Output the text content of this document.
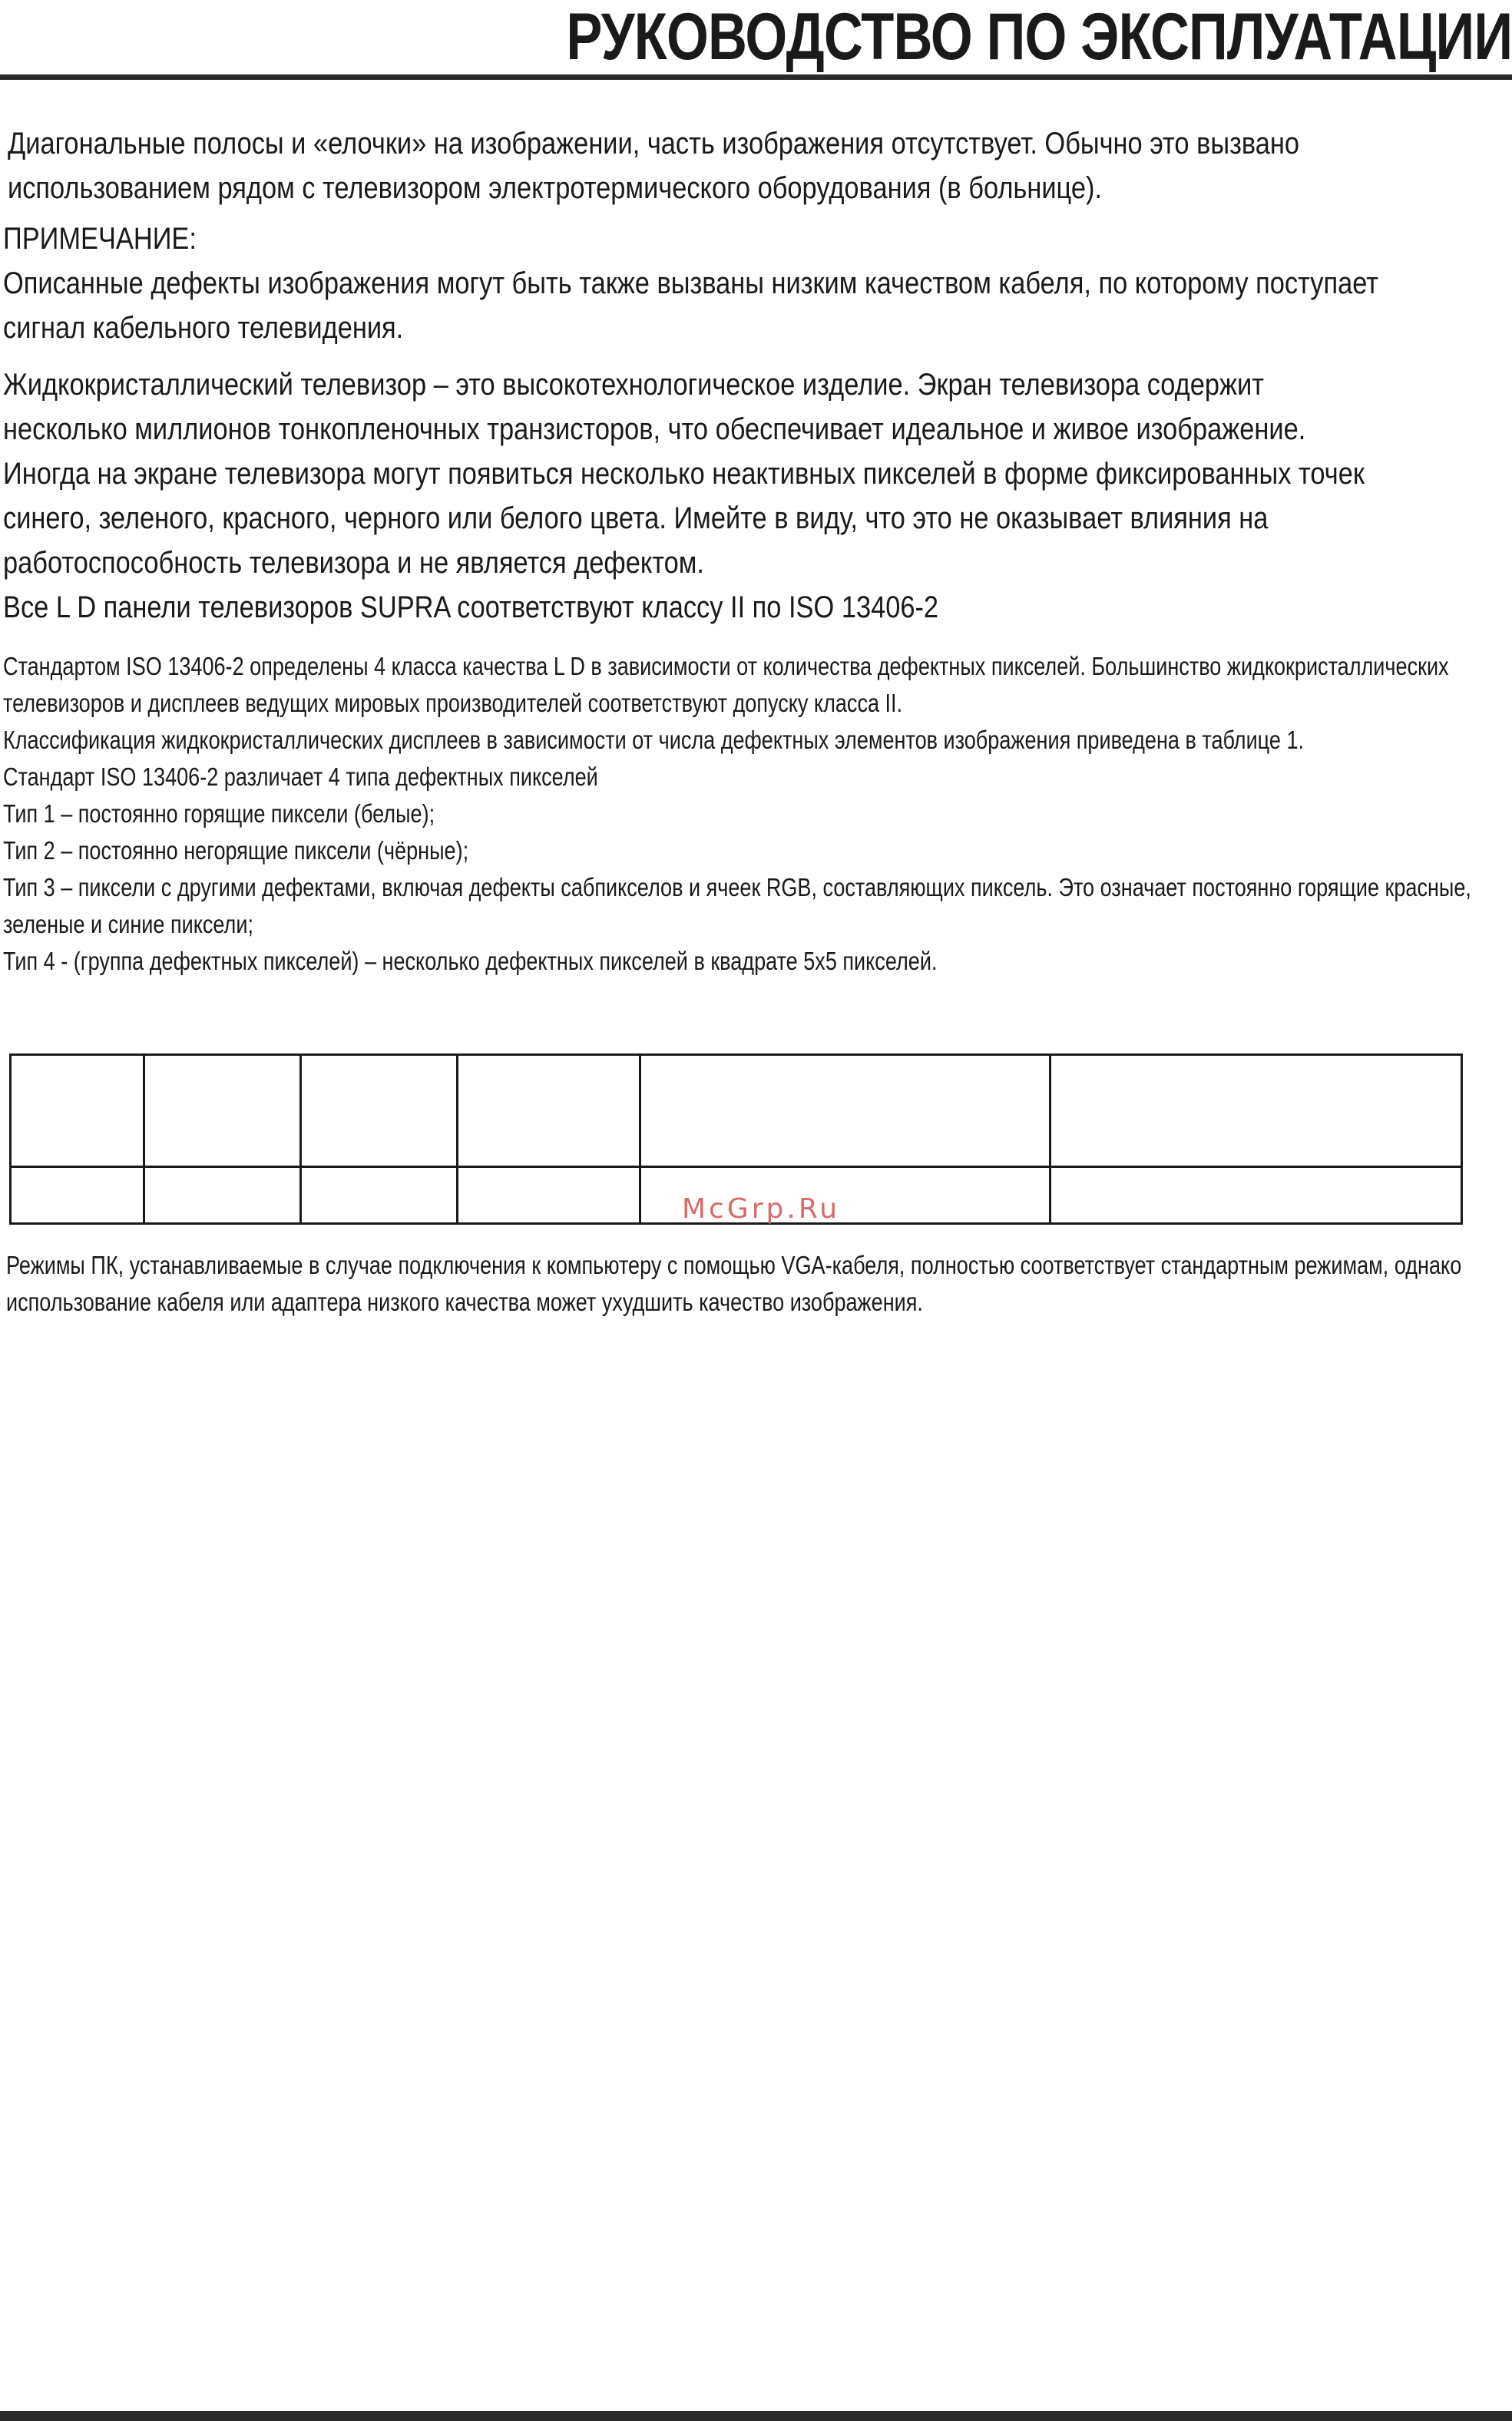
РУКОВОДСТВО ПО ЭКСПЛУАТАЦИИ

Диагональные полосы и «елочки» на изображении, часть изображения отсутствует. Обычно это вызвано

использованием рядом с телевизором электротермического оборудования (в больнице).

ПРИМЕЧАНИЕ:

Описанные дефекты изображения могут быть также вызваны низким качеством кабеля, по которому поступает

сигнал кабельного телевидения.

Жидкокристаллический телевизор – это высокотехнологическое изделие. Экран телевизора содержит

несколько миллионов тонкопленочных транзисторов, что обеспечивает идеальное и живое изображение.

Иногда на экране телевизора могут появиться несколько неактивных пикселей в форме фиксированных точек

синего, зеленого, красного, черного или белого цвета. Имейте в виду, что это не оказывает влияния на

работоспособность телевизора и не является дефектом.

Все L D панели телевизоров SUPRA соответствуют классу II по ISO 13406-2

Стандартом ISO 13406-2 определены 4 класса качества L D в зависимости от количества дефектных пикселей. Большинство жидкокристаллических

телевизоров и дисплеев ведущих мировых производителей соответствуют допуску класса II.

Классификация жидкокристаллических дисплеев в зависимости от числа дефектных элементов изображения приведена в таблице 1.

Стандарт ISO 13406-2 различает 4 типа дефектных пикселей

Тип 1 – постоянно горящие пиксели (белые);

Тип 2 – постоянно негорящие пиксели (чёрные);

Тип 3 – пиксели с другими дефектами, включая дефекты сабпикселов и ячеек RGB, составляющих пиксель. Это означает постоянно горящие красные,

зеленые и синие пиксели;

Тип 4 - (группа дефектных пикселей) – несколько дефектных пикселей в квадрате 5x5 пикселей.

McGrp.Ru

Режимы ПК, устанавливаемые в случае подключения к компьютеру с помощью VGA-кабеля, полностью соответствует стандартным режимам, однако

использование кабеля или адаптера низкого качества может ухудшить качество изображения.
